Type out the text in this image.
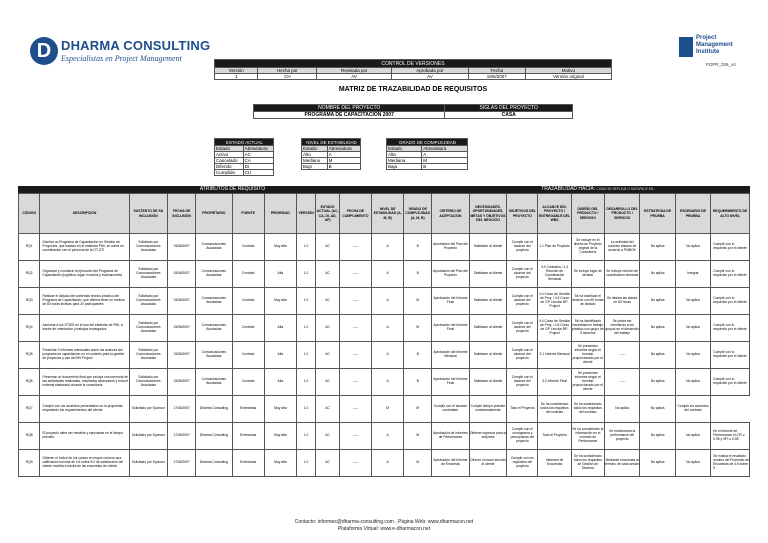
D DHARMA CONSULTING
Especialistas en Project Management
Project
Management
Institute
FGPR_026_v4
CONTROL DE VERSIONES					
Versión	Hecha por	Revisada por	Aprobada por	Fecha	Motivo
1	CH	AV	AV	19/6/2007	Versión original
MATRIZ DE TRAZABILIDAD DE REQUISITOS
NOMBRE DEL PROYECTO	SIGLAS DEL PROYECTO
PROGRAMA DE CAPACITACION 2007	CASA
ESTADO ACTUAL	
Estado	Abreviatura
Activo	AC
Cancelado	CA
Diferido	DI
Cumplido	CU
NIVEL DE ESTABILIDAD	
Estado	Abreviatura
Alto	A
Mediano	M
Bajo	B
GRADO DE COMPLEJIDAD	
Estado	Abreviatura
Alta	A
Mediana	M
Baja	B
ATRIBUTOS DE REQUISITO	TRAZABILIDAD HACIA: COMO SE REFLEJA O SATISFACE EN...
CÓDIGO	DESCRIPCIÓN	SUSTENTO DE SU INCLUSIÓN	FECHA DE INCLUSIÓN	PROPIETARIO	FUENTE	PRIORIDAD	VERSIÓN	ESTADO ACTUAL (AC, CA, DI, AD, AP)	FECHA DE CUMPLIMIENTO	NIVEL DE ESTABILIDAD (A, M, B)	GRADO DE COMPLEJIDAD (A, M, B)	CRITERIO DE ACEPTACIÓN	NECESIDADES, OPORTUNIDADES, METAS Y OBJETIVOS DEL NEGOCIO	OBJETIVOS DEL PROYECTO	ALCANCE DEL PROYECTO / ENTREGABLE DEL WBS	DISEÑO DEL PRODUCTO / SERVICIO	DESARROLLO DEL PRODUCTO / SERVICIO	ESTRATEGIA DE PRUEBA	ESCENARIO DE PRUEBA	REQUERIMIENTO DE ALTO NIVEL
RQ1	Diseñar un Programa de Capacitación en Gestión de Proyectos, que basado en el estándar PMI, se cubrá en coordinación con el personal de la OT-STI	Solicitado por Comunicaciones Asociadas	15/06/2007	Comunicaciones Asociadas	Contrato	Muy alta	1.0	AC	-----	A	B	Aprobación del Plan del Proyecto	Satisfacer al cliente	Cumplir con el alcance del proyecto	1.1 Plan de Proyecto	Se incluye en el diseño de Proyecto original de la Consultoría	La actividad del contrato basado de acuerdo a PMBOK	No aplica	No aplica	Cumplir con lo requerido por el cliente
RQ2	Organizar y coordinar la ejecución del Programa de Capacitación (logística, lugar, horarios y evaluaciones)	Solicitado por Comunicaciones Asociadas	15/06/2007	Comunicaciones Asociadas	Contrato	Alta	1.0	AC	-----	A	B	Aprobación del Plan del Proyecto	Satisfacer al cliente	Cumplir con el alcance del proyecto	3.0 Contratos / 1.4 Reunión de Coordinación Semanal	Se incluye lugar de dictado	Se incluye reunión de coordinación semanal	No aplica	Integrar	Cumplir con lo requerido por el cliente
RQ3	Realizar el dictado del contenido teórico-práctico del Programa de Capacitación, que deberá tener un mínimo de 80 horas lectivas para 20 participantes	Solicitado por Comunicaciones Asociadas	15/06/2007	Comunicaciones Asociadas	Contrato	Muy alta	1.0	AC	-----	A	M	Aprobación del Informe Final	Satisfacer al cliente	Cumplir con el alcance del proyecto	4.4 Curso de Gestión de Proy. / 4.5 Curso de GP Lección BP-Project	Se ha diseñado el servicio con 60 horas de dictado	Se dictará las clases en 80 horas	No aplica	No aplica	Cumplir con lo requerido por el cliente
RQ4	Asesorar a los OTIES en el uso del estándar de PMI, a través de orientación y trabajos encargados	Solicitado por Comunicaciones Asociadas	15/06/2007	Comunicaciones Asociadas	Contrato	Alta	1.0	AC	-----	A	M	Aprobación del Informe Final	Satisfacer al cliente	Cumplir con el alcance del proyecto	4.4 Curso de Gestión de Proy. / 4.5 Curso de GP Lección BP-Project	Se ha identificado necesidad en trabajo práctico con grupo de 5 alumnos	Se podrá ser orientando a los grupos en el desarrollo del trabajo	No aplica	No aplica	Cumplir con lo requerido por el cliente
RQ5	Presentar 3 informes mensuales sobre los avances del programa de capacitación en el contexto para la gestión de proyectos y uso del MS Project	Solicitado por Comunicaciones Asociadas	15/06/2007	Comunicaciones Asociadas	Contrato	Alta	1.0	AC	-----	A	B	Aprobación del Informe Mensual	Satisfacer al cliente	Cumplir con el alcance del proyecto	3.1 Informe Mensual	Se presentan informes según el formato proporcionado por el cliente	-----	No aplica	No aplica	Cumplir con lo requerido por el cliente
RQ6	Presentar un documento final que incluya una memoria de las actividades realizadas, resultados alcanzados y toda el material elaborado durante la consultoría	Solicitado por Comunicaciones Asociadas	15/06/2007	Comunicaciones Asociadas	Contrato	Alta	1.0	AC	-----	A	B	Aprobación del Informe Final	Satisfacer al cliente	Cumplir con el alcance del proyecto	3.2 Informe Final	Se presentan informes según el formato proporcionado por el cliente	-----	No aplica	No aplica	Cumplir con lo requerido por el cliente
RQ7	Cumplir con los acuerdos presentados en la propuesta, respetando los requerimientos del cliente	Solicitado por Sponsor	17/06/2007	Dharma Consulting	Entrevistas	Muy alta	1.0	AC	-----	M	M	Cumplir con el alcance contratado	Cumplir tiempo previsto contractualmente	Todo el Proyecto	Se ha considerado todos los requisitos del contrato	Se ha considerado todos los requisitos del contrato	No aplica	No aplica	Cumplir los acuerdos del contrato	
RQ8	El proyecto debe ser rentable y ejecutarse en el tiempo previsto	Solicitado por Sponsor	17/06/2007	Dharma Consulting	Entrevistas	Muy alta	1.0	AC	-----	A	M	Aprobación de informes de Performance	Obtener ingresos para la empresa	Cumplir con el cronograma y presupuesto del proyecto	Todo el Proyecto	Se ha considerado la información en el contrato de Performance	Se monitoreará la performance del proyecto	No aplica	No aplica	En el informe de Performance el CPI ≥ 0.95 y SPI ≥ 0.95
RQ9	Obtener el índice de los cursos en mayor número una calificación mínima de 4.5 sobre 5.0 de satisfacción del cliente medida a través de las encuestas de cliente	Solicitado por Sponsor	17/06/2007	Dharma Consulting	Entrevistas	Muy alta	1.0	AC	-----	A	M	Aprobación del Informe de Encuesta	Ofrecer un buen servicio al cliente	Cumplir con los requisitos del proyecto	Informes de Encuestas	Se ha considerado todos los requisitos de Gestión de Dharma	Mediante encuestas al término de cada sesión	No aplica	No aplica	Se evalúa el resultado mínimo del Promedio de Encuestas de 4.5 sobre 5
Contacto: informes@dharma-consulting.com , Página Web: www.dharmacon.net
Plataforma Virtual: www.e-dharmacon.net
